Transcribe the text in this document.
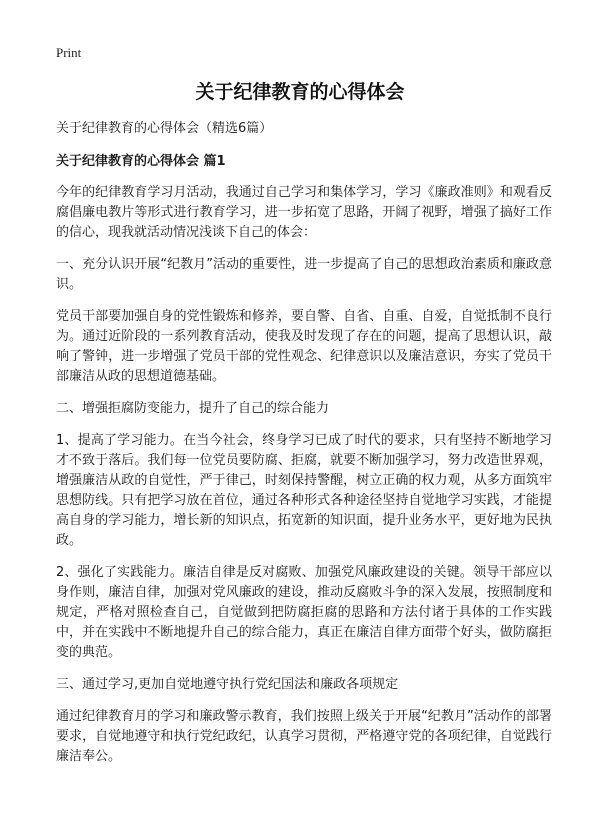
Print
关于纪律教育的心得体会

关于纪律教育的心得体会（精选6篇）

关于纪律教育的心得体会 篇1

今年的纪律教育学习月活动，我通过自己学习和集体学习，学习《廉政准则》和观看反腐倡廉电教片等形式进行教育学习，进一步拓宽了思路，开阔了视野，增强了搞好工作的信心，现我就活动情况浅谈下自己的体会：

一、充分认识开展“纪教月”活动的重要性，进一步提高了自己的思想政治素质和廉政意识。

党员干部要加强自身的党性锻炼和修养，要自警、自省、自重、自爱，自觉抵制不良行为。通过近阶段的一系列教育活动，使我及时发现了存在的问题，提高了思想认识，敲响了警钟，进一步增强了党员干部的党性观念、纪律意识以及廉洁意识，夯实了党员干部廉洁从政的思想道德基础。

二、增强拒腐防变能力，提升了自己的综合能力

1、提高了学习能力。在当今社会，终身学习已成了时代的要求，只有坚持不断地学习才不致于落后。我们每一位党员要防腐、拒腐，就要不断加强学习，努力改造世界观，增强廉洁从政的自觉性，严于律己，时刻保持警醒，树立正确的权力观，从多方面筑牢思想防线。只有把学习放在首位，通过各种形式各种途径坚持自觉地学习实践，才能提高自身的学习能力，增长新的知识点，拓宽新的知识面，提升业务水平，更好地为民执政。

2、强化了实践能力。廉洁自律是反对腐败、加强党风廉政建设的关键。领导干部应以身作则，廉洁自律，加强对党风廉政的建设，推动反腐败斗争的深入发展，按照制度和规定，严格对照检查自己，自觉做到把防腐拒腐的思路和方法付诸于具体的工作实践中，并在实践中不断地提升自己的综合能力，真正在廉洁自律方面带个好头，做防腐拒变的典范。

三、通过学习,更加自觉地遵守执行党纪国法和廉政各项规定

通过纪律教育月的学习和廉政警示教育，我们按照上级关于开展“纪教月”活动作的部署要求，自觉地遵守和执行党纪政纪，认真学习贯彻，严格遵守党的各项纪律，自觉践行廉洁奉公。
